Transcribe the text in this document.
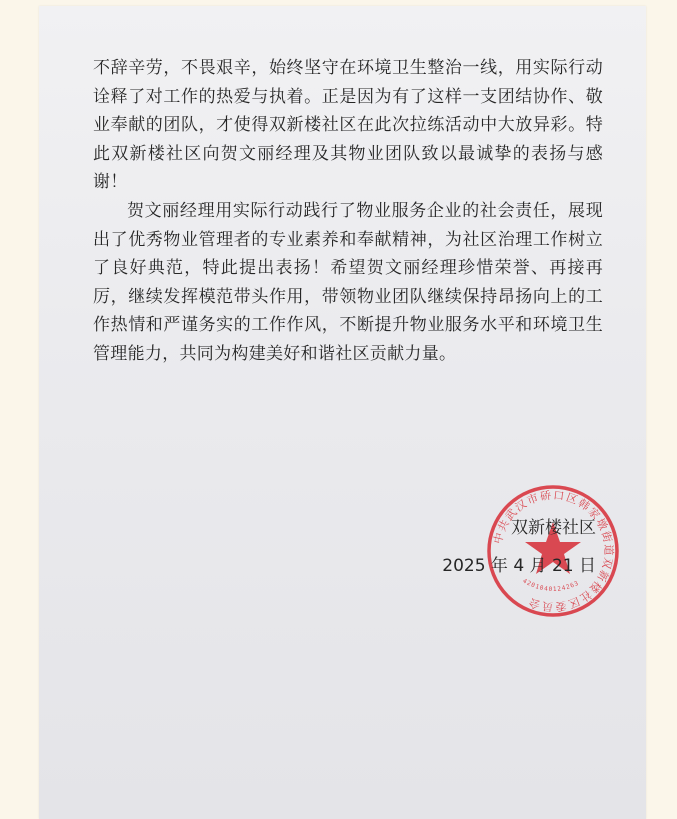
不辞辛劳，不畏艰辛，始终坚守在环境卫生整治一线，用实际行动诠释了对工作的热爱与执着。正是因为有了这样一支团结协作、敬业奉献的团队，才使得双新楼社区在此次拉练活动中大放异彩。特此双新楼社区向贺文丽经理及其物业团队致以最诚挚的表扬与感谢！

贺文丽经理用实际行动践行了物业服务企业的社会责任，展现出了优秀物业管理者的专业素养和奉献精神，为社区治理工作树立了良好典范，特此提出表扬！希望贺文丽经理珍惜荣誉、再接再厉，继续发挥模范带头作用，带领物业团队继续保持昂扬向上的工作热情和严谨务实的工作作风，不断提升物业服务水平和环境卫生管理能力，共同为构建美好和谐社区贡献力量。

中共武汉市硚口区韩家墩街道双新楼社区委员会
4201040124263
双新楼社区
2025 年 4 月 21 日
